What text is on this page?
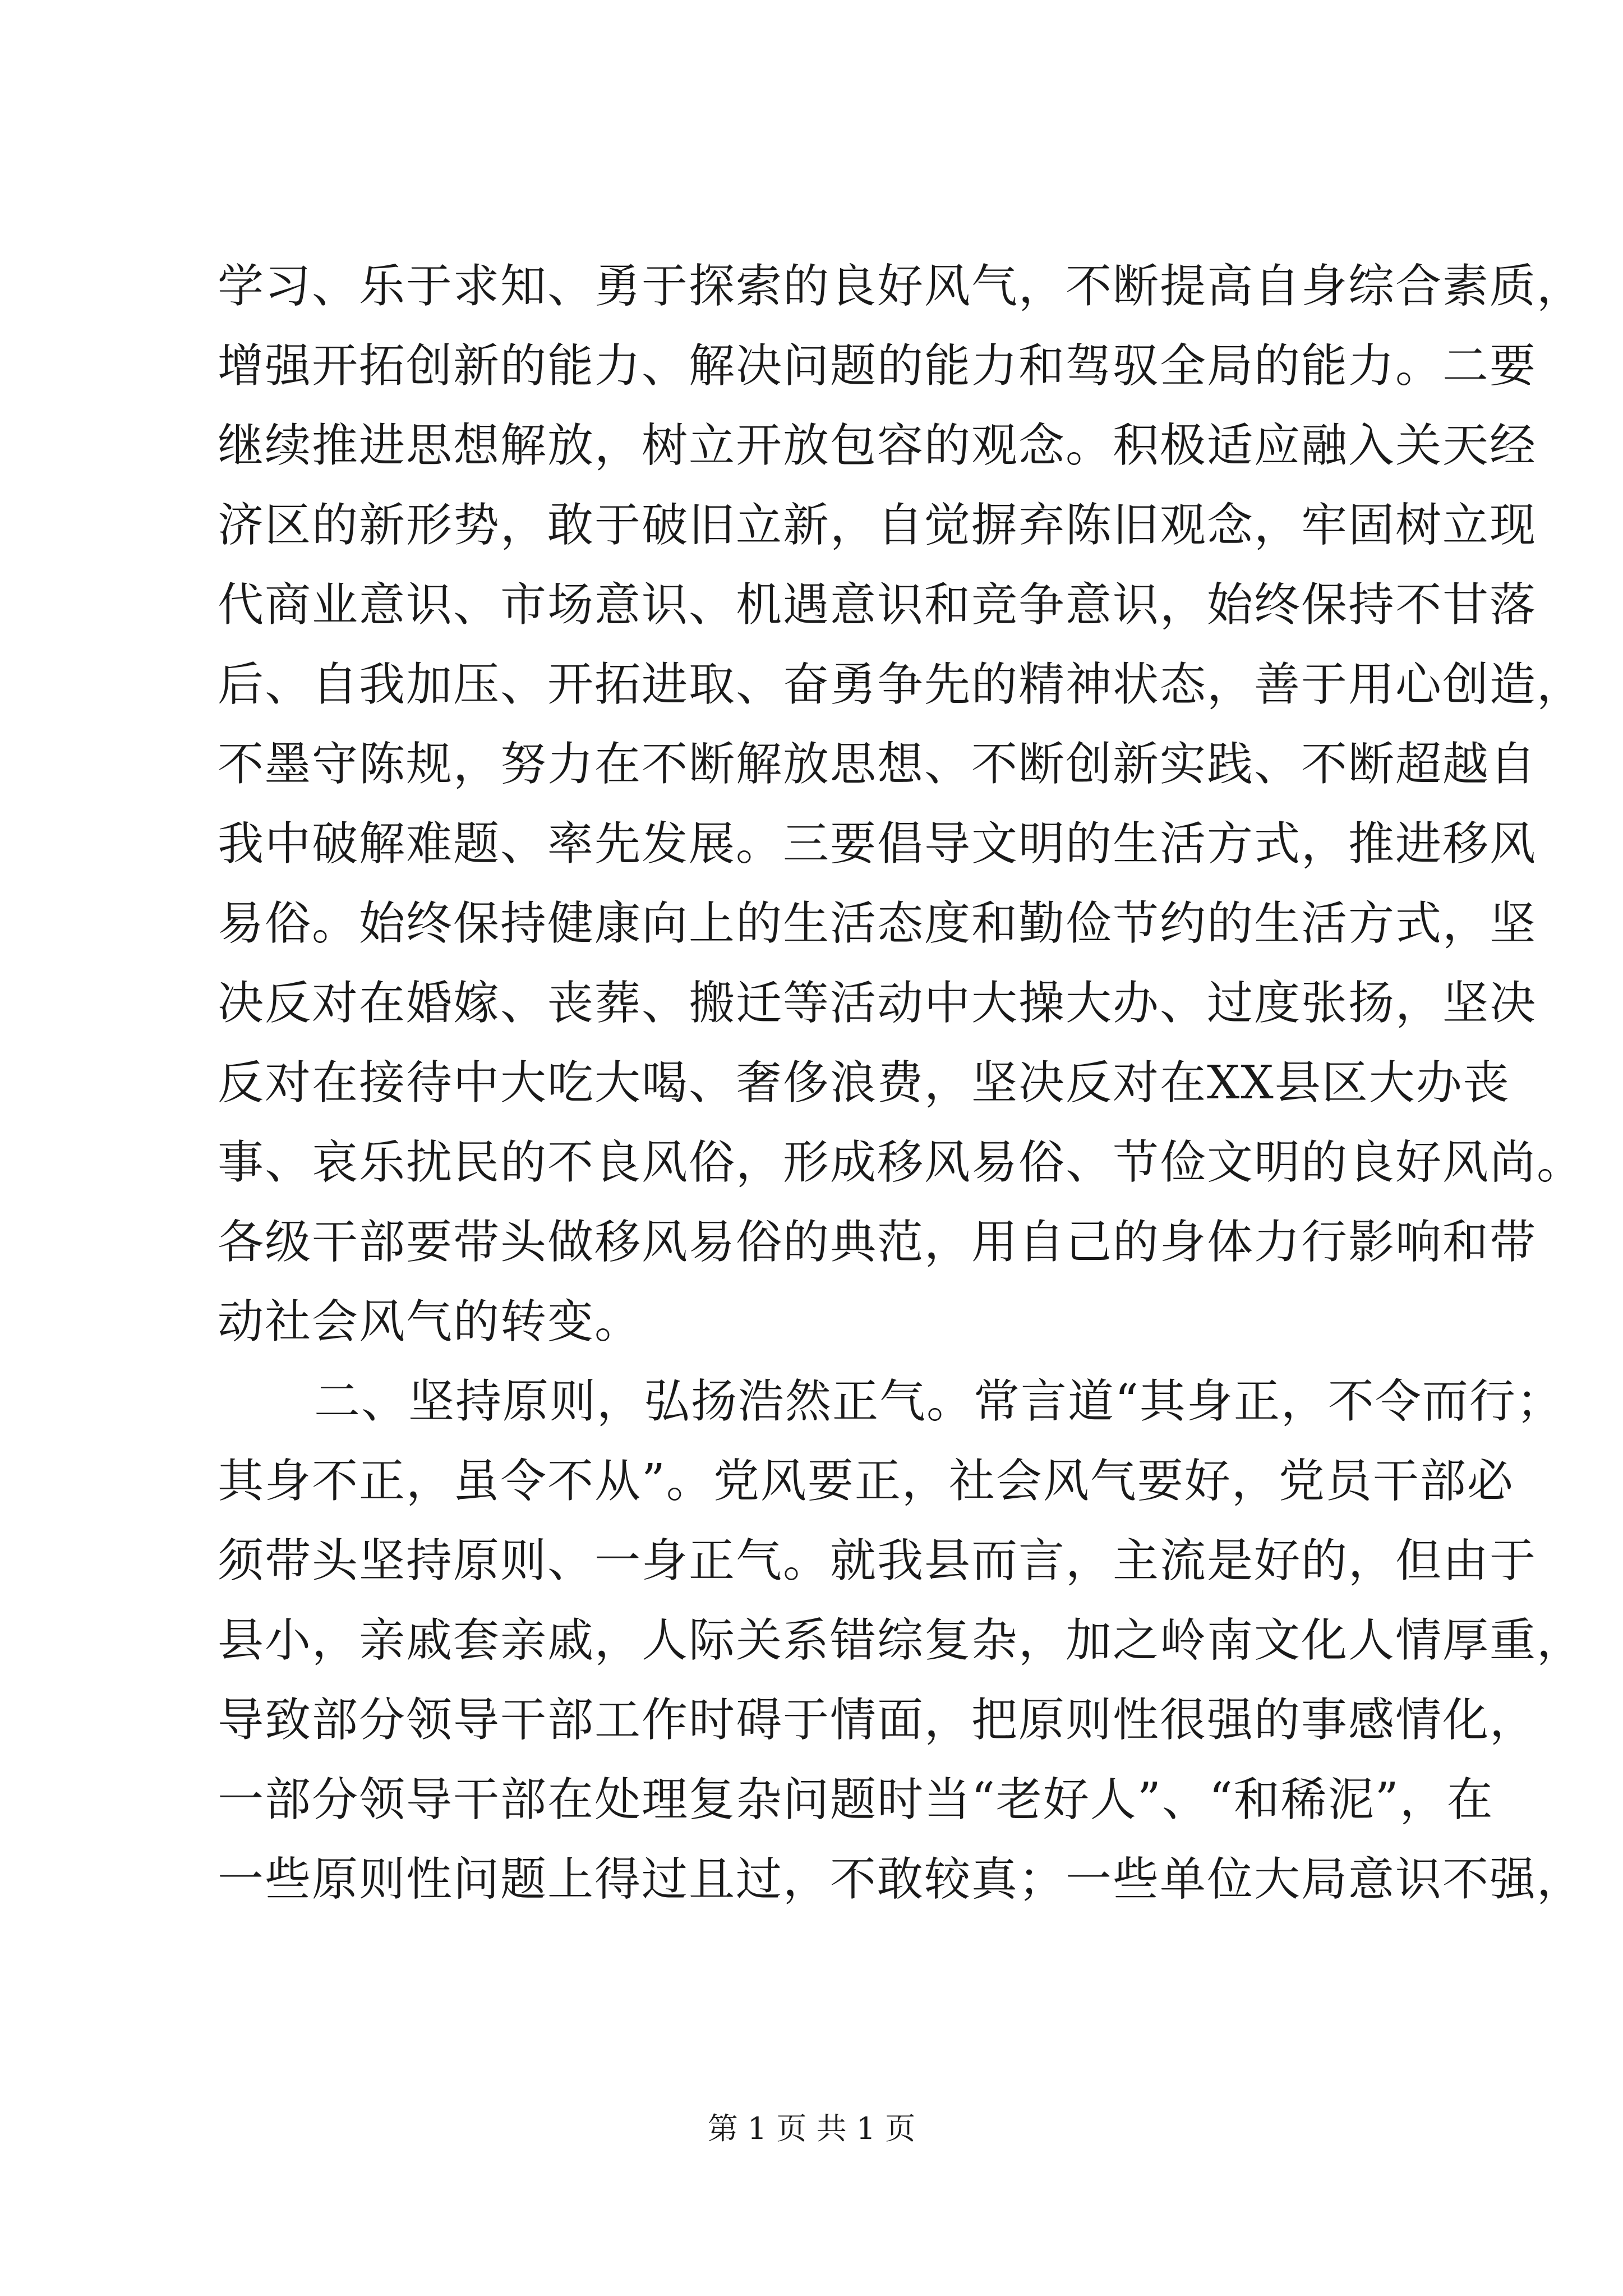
学习、乐于求知、勇于探索的良好风气，不断提高自身综合素质，
增强开拓创新的能力、解决问题的能力和驾驭全局的能力。二要
继续推进思想解放，树立开放包容的观念。积极适应融入关天经
济区的新形势，敢于破旧立新，自觉摒弃陈旧观念，牢固树立现
代商业意识、市场意识、机遇意识和竞争意识，始终保持不甘落
后、自我加压、开拓进取、奋勇争先的精神状态，善于用心创造，
不墨守陈规，努力在不断解放思想、不断创新实践、不断超越自
我中破解难题、率先发展。三要倡导文明的生活方式，推进移风
易俗。始终保持健康向上的生活态度和勤俭节约的生活方式，坚
决反对在婚嫁、丧葬、搬迁等活动中大操大办、过度张扬，坚决
反对在接待中大吃大喝、奢侈浪费，坚决反对在XX县区大办丧
事、哀乐扰民的不良风俗，形成移风易俗、节俭文明的良好风尚。
各级干部要带头做移风易俗的典范，用自己的身体力行影响和带
动社会风气的转变。
二、坚持原则，弘扬浩然正气。常言道“其身正，不令而行；
其身不正，虽令不从”。党风要正，社会风气要好，党员干部必
须带头坚持原则、一身正气。就我县而言，主流是好的，但由于
县小，亲戚套亲戚，人际关系错综复杂，加之岭南文化人情厚重，
导致部分领导干部工作时碍于情面，把原则性很强的事感情化，
一部分领导干部在处理复杂问题时当“老好人”、“和稀泥”，在
一些原则性问题上得过且过，不敢较真；一些单位大局意识不强，
第 1 页 共 1 页
